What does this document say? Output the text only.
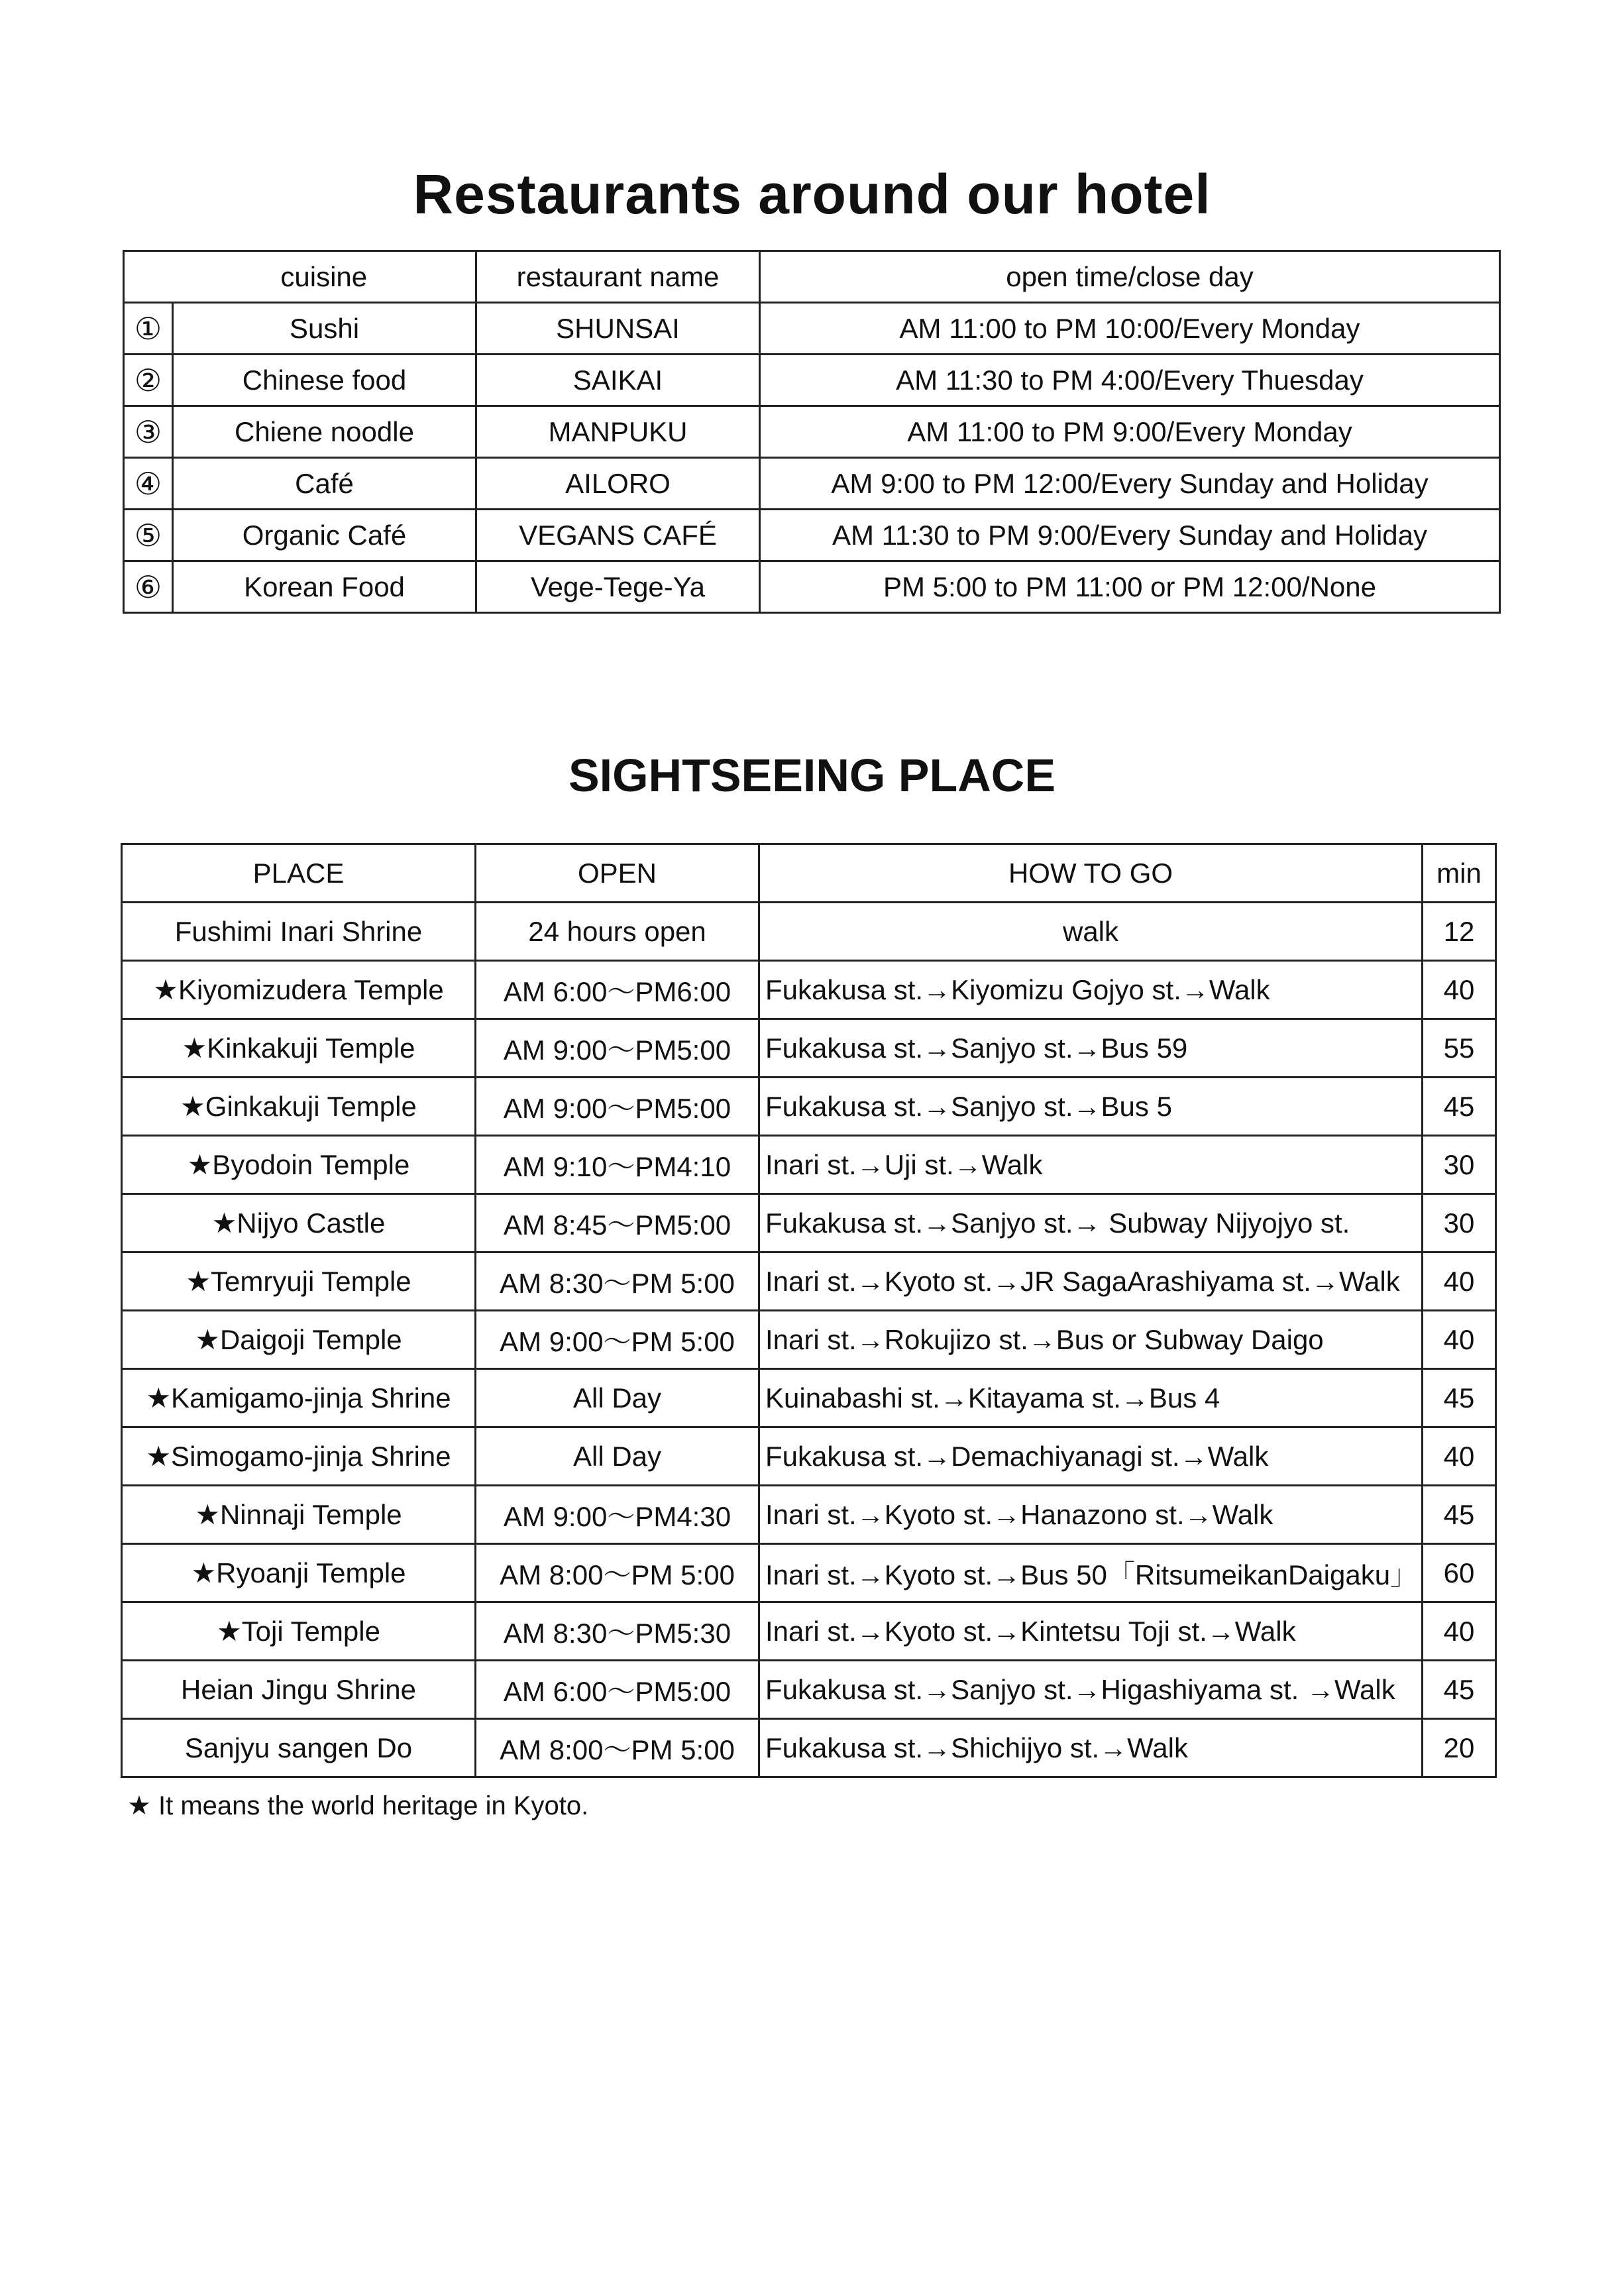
Restaurants around our hotel
	cuisine	restaurant name	open time/close day
①	Sushi	SHUNSAI	AM 11:00 to PM 10:00/Every Monday
②	Chinese food	SAIKAI	AM 11:30 to PM 4:00/Every Thuesday
③	Chiene noodle	MANPUKU	AM 11:00 to PM 9:00/Every Monday
④	Café	AILORO	AM 9:00 to PM 12:00/Every Sunday and Holiday
⑤	Organic Café	VEGANS CAFÉ	AM 11:30 to PM 9:00/Every Sunday and Holiday
⑥	Korean Food	Vege-Tege-Ya	PM 5:00 to PM 11:00 or PM 12:00/None
SIGHTSEEING PLACE
PLACE	OPEN	HOW TO GO	min
Fushimi Inari Shrine	24 hours open	walk	12
★Kiyomizudera Temple	AM 6:00～PM6:00	Fukakusa st.→Kiyomizu Gojyo st.→Walk	40
★Kinkakuji Temple	AM 9:00～PM5:00	Fukakusa st.→Sanjyo st.→Bus 59	55
★Ginkakuji Temple	AM 9:00～PM5:00	Fukakusa st.→Sanjyo st.→Bus 5	45
★Byodoin Temple	AM 9:10～PM4:10	Inari st.→Uji st.→Walk	30
★Nijyo Castle	AM 8:45～PM5:00	Fukakusa st.→Sanjyo st.→ Subway Nijyojyo st.	30
★Temryuji Temple	AM 8:30～PM 5:00	Inari st.→Kyoto st.→JR SagaArashiyama st.→Walk	40
★Daigoji Temple	AM 9:00～PM 5:00	Inari st.→Rokujizo st.→Bus or Subway Daigo	40
★Kamigamo-jinja Shrine	All Day	Kuinabashi st.→Kitayama st.→Bus 4	45
★Simogamo-jinja Shrine	All Day	Fukakusa st.→Demachiyanagi st.→Walk	40
★Ninnaji Temple	AM 9:00～PM4:30	Inari st.→Kyoto st.→Hanazono st.→Walk	45
★Ryoanji Temple	AM 8:00～PM 5:00	Inari st.→Kyoto st.→Bus 50「RitsumeikanDaigaku」	60
★Toji Temple	AM 8:30～PM5:30	Inari st.→Kyoto st.→Kintetsu Toji st.→Walk	40
Heian Jingu Shrine	AM 6:00～PM5:00	Fukakusa st.→Sanjyo st.→Higashiyama st. →Walk	45
Sanjyu sangen Do	AM 8:00～PM 5:00	Fukakusa st.→Shichijyo st.→Walk	20
★ It means the world heritage in Kyoto.
